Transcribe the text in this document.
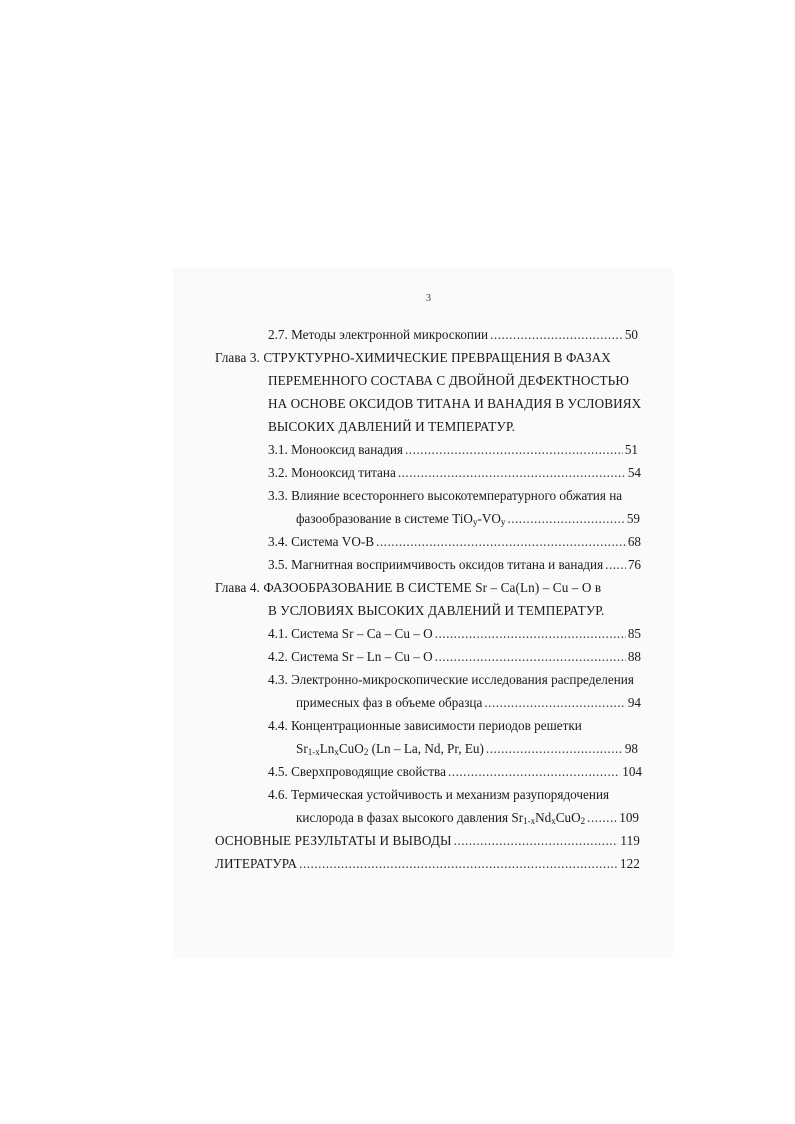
3
2.7. Методы электронной микроскопии .....	50
Глава 3. СТРУКТУРНО-ХИМИЧЕСКИЕ ПРЕВРАЩЕНИЯ В ФАЗАХ
ПЕРЕМЕННОГО СОСТАВА С ДВОЙНОЙ ДЕФЕКТНОСТЬЮ
НА ОСНОВЕ ОКСИДОВ ТИТАНА И ВАНАДИЯ В УСЛОВИЯХ
ВЫСОКИХ ДАВЛЕНИЙ И ТЕМПЕРАТУР.
3.1. Монооксид ванадия .....	51
3.2. Монооксид титана .....	54
3.3. Влияние всестороннего высокотемпературного обжатия на
фазообразование в системе $TiO_y-VO_y$ .....	59
3.4. Система VO-B .....	68
3.5. Магнитная восприимчивость оксидов титана и ванадия ..... 76
Глава 4. ФАЗООБРАЗОВАНИЕ В СИСТЕМЕ Sr – Ca(Ln) – Cu – O в
В УСЛОВИЯХ ВЫСОКИХ ДАВЛЕНИЙ И ТЕМПЕРАТУР.
4.1. Система Sr – Ca – Cu – O .....	85
4.2. Система Sr – Ln – Cu – O .....	88
4.3. Электронно-микроскопические исследования распределения
примесных фаз в объеме образца .....	94
4.4. Концентрационные зависимости периодов решетки
$Sr_{1-x}Ln_xCuO_2$ (Ln – La, Nd, Pr, Eu) .....	98
4.5. Сверхпроводящие свойства .....	104
4.6. Термическая устойчивость и механизм разупорядочения
кислорода в фазах высокого давления $Sr_{1-x}Nd_xCuO_2$ .....	109
ОСНОВНЫЕ РЕЗУЛЬТАТЫ И ВЫВОДЫ .....	119
ЛИТЕРАТУРА .....	122
